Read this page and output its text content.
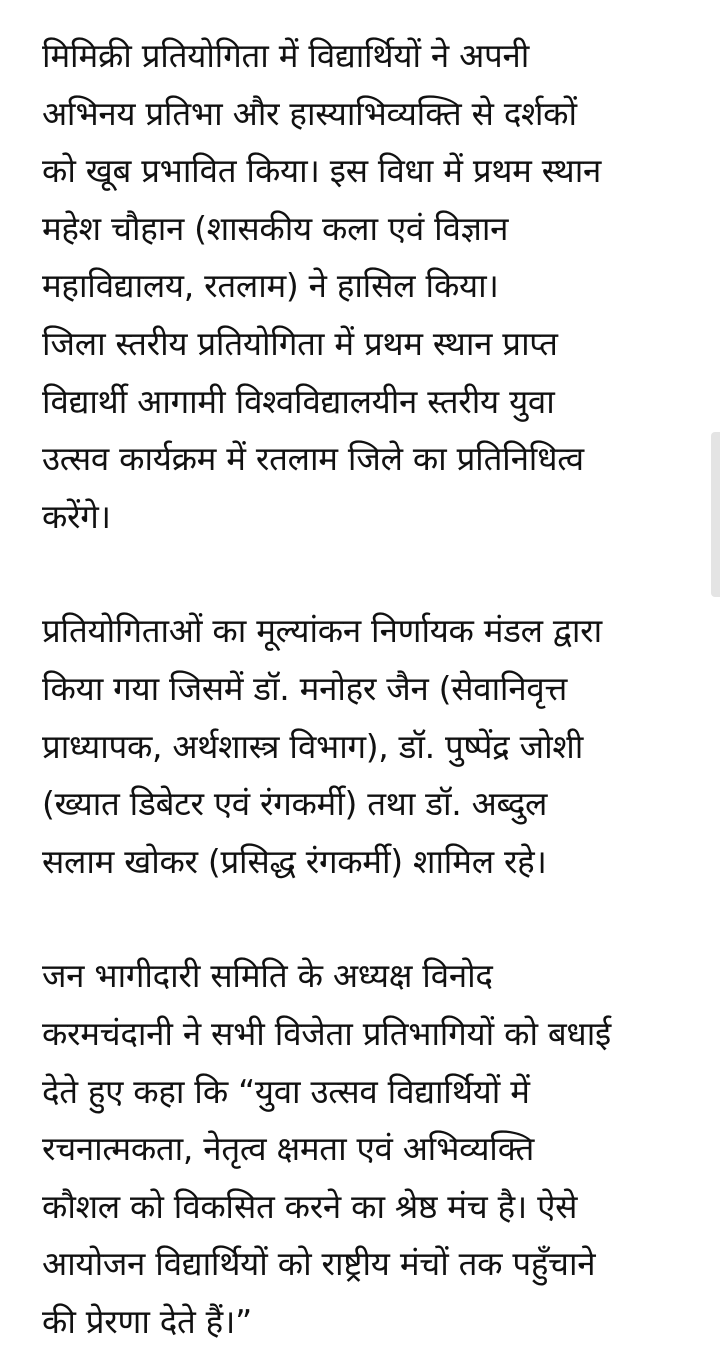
मिमिक्री प्रतियोगिता में विद्यार्थियों ने अपनी
अभिनय प्रतिभा और हास्याभिव्यक्ति से दर्शकों
को खूब प्रभावित किया। इस विधा में प्रथम स्थान
महेश चौहान (शासकीय कला एवं विज्ञान
महाविद्यालय, रतलाम) ने हासिल किया।
जिला स्तरीय प्रतियोगिता में प्रथम स्थान प्राप्त
विद्यार्थी आगामी विश्वविद्यालयीन स्तरीय युवा
उत्सव कार्यक्रम में रतलाम जिले का प्रतिनिधित्व
करेंगे।

प्रतियोगिताओं का मूल्यांकन निर्णायक मंडल द्वारा
किया गया जिसमें डॉ. मनोहर जैन (सेवानिवृत्त
प्राध्यापक, अर्थशास्त्र विभाग), डॉ. पुष्पेंद्र जोशी
(ख्यात डिबेटर एवं रंगकर्मी) तथा डॉ. अब्दुल
सलाम खोकर (प्रसिद्ध रंगकर्मी) शामिल रहे।

जन भागीदारी समिति के अध्यक्ष विनोद
करमचंदानी ने सभी विजेता प्रतिभागियों को बधाई
देते हुए कहा कि “युवा उत्सव विद्यार्थियों में
रचनात्मकता, नेतृत्व क्षमता एवं अभिव्यक्ति
कौशल को विकसित करने का श्रेष्ठ मंच है। ऐसे
आयोजन विद्यार्थियों को राष्ट्रीय मंचों तक पहुँचाने
की प्रेरणा देते हैं।”
